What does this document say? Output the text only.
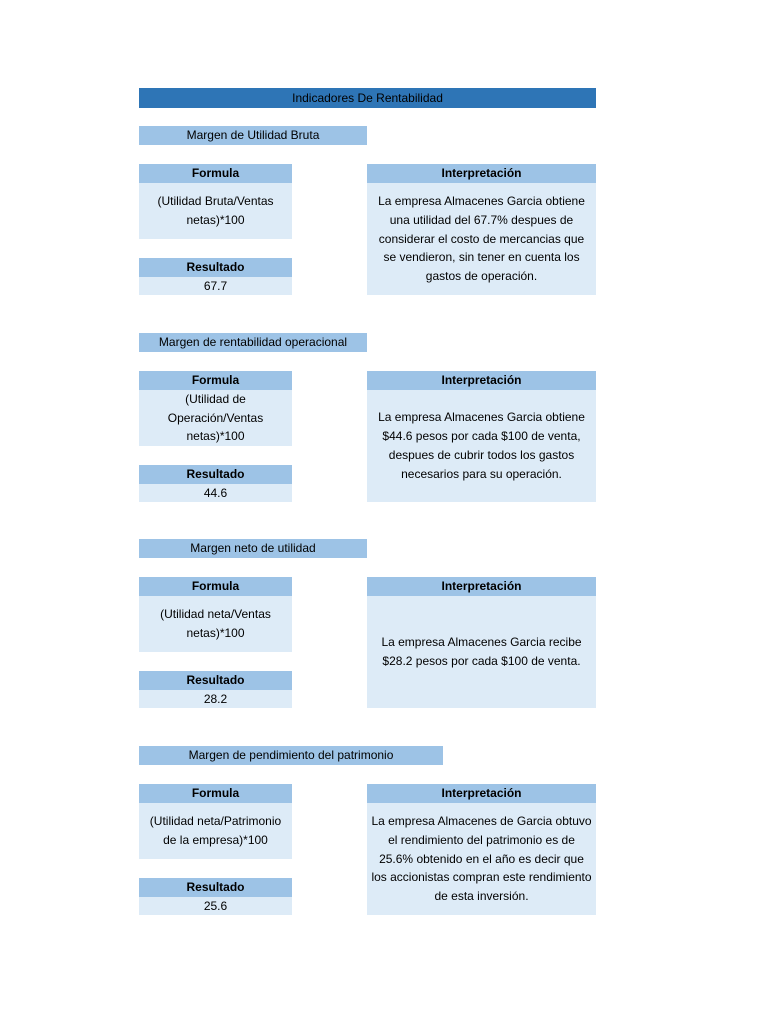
Indicadores De Rentabilidad
Margen de Utilidad Bruta
Formula
(Utilidad Bruta/Ventas netas)*100
Resultado
67.7
Interpretación
La empresa Almacenes Garcia obtiene una utilidad del 67.7% despues de considerar el costo de mercancias que se vendieron, sin tener en cuenta los gastos de operación.
Margen de rentabilidad operacional
Formula
(Utilidad de Operación/Ventas netas)*100
Resultado
44.6
Interpretación
La empresa Almacenes Garcia obtiene $44.6 pesos por cada $100 de venta, despues de cubrir todos los gastos necesarios para su operación.
Margen neto de utilidad
Formula
(Utilidad neta/Ventas netas)*100
Resultado
28.2
Interpretación
La empresa Almacenes Garcia recibe $28.2 pesos por cada $100 de venta.
Margen de pendimiento del patrimonio
Formula
(Utilidad neta/Patrimonio de la empresa)*100
Resultado
25.6
Interpretación
La empresa Almacenes de Garcia obtuvo el rendimiento del patrimonio es de 25.6% obtenido en el año es decir que los accionistas compran este rendimiento de esta inversión.
